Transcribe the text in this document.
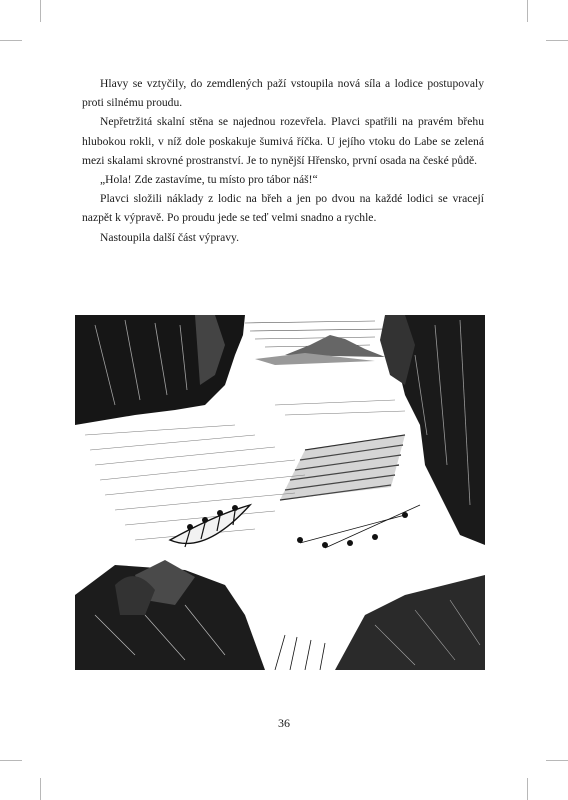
Hlavy se vztyčily, do zemdlených paží vstoupila nová síla a lodice postupovaly proti silnému proudu.

Nepřetržitá skalní stěna se najednou rozevřela. Plavci spatřili na pravém břehu hlubokou rokli, v níž dole poskakuje šumivá říčka. U jejího vtoku do Labe se zelená mezi skalami skrovné prostranství. Je to nynější Hřensko, první osada na české půdě.

„Hola! Zde zastavíme, tu místo pro tábor náš!“

Plavci složili náklady z lodic na břeh a jen po dvou na každé lodici se vracejí nazpět k výpravě. Po proudu jede se teď velmi snadno a rychle.

Nastoupila další část výpravy.

36
